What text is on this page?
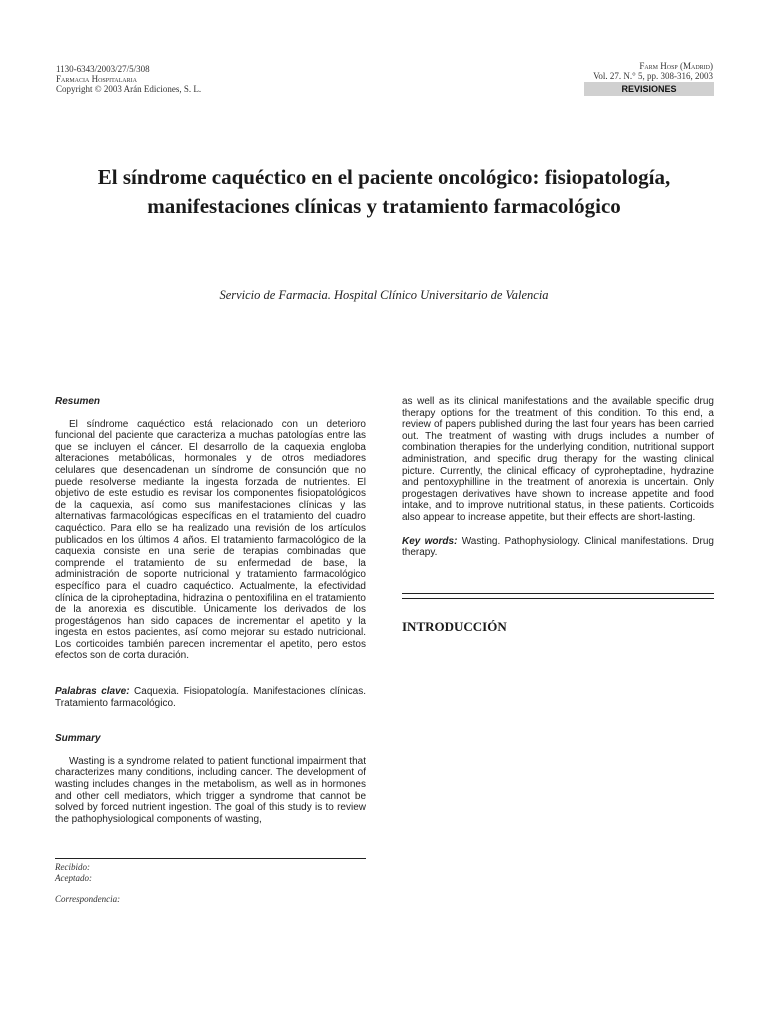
1130-6343/2003/27/5/308
Farmacia Hospitalaria
Copyright © 2003 Arán Ediciones, S. L.
Farm Hosp (Madrid)
Vol. 27. N.° 5, pp. 308-316, 2003
REVISIONES
El síndrome caquéctico en el paciente oncológico: fisiopatología, manifestaciones clínicas y tratamiento farmacológico
Servicio de Farmacia. Hospital Clínico Universitario de Valencia
Resumen

El síndrome caquéctico está relacionado con un deterioro funcional del paciente que caracteriza a muchas patologías entre las que se incluyen el cáncer. El desarrollo de la caquexia engloba alteraciones metabólicas, hormonales y de otros mediadores celulares que desencadenan un síndrome de consunción que no puede resolverse mediante la ingesta forzada de nutrientes. El objetivo de este estudio es revisar los componentes fisiopatológicos de la caquexia, así como sus manifestaciones clínicas y las alternativas farmacológicas específicas en el tratamiento del cuadro caquéctico. Para ello se ha realizado una revisión de los artículos publicados en los últimos 4 años. El tratamiento farmacológico de la caquexia consiste en una serie de terapias combinadas que comprende el tratamiento de su enfermedad de base, la administración de soporte nutricional y tratamiento farmacológico específico para el cuadro caquéctico. Actualmente, la efectividad clínica de la ciproheptadina, hidrazina o pentoxifilina en el tratamiento de la anorexia es discutible. Únicamente los derivados de los progestágenos han sido capaces de incrementar el apetito y la ingesta en estos pacientes, así como mejorar su estado nutricional. Los corticoides también parecen incrementar el apetito, pero estos efectos son de corta duración.

Palabras clave: Caquexia. Fisiopatología. Manifestaciones clínicas. Tratamiento farmacológico.

Summary

Wasting is a syndrome related to patient functional impairment that characterizes many conditions, including cancer. The development of wasting includes changes in the metabolism, as well as in hormones and other cell mediators, which trigger a syndrome that cannot be solved by forced nutrient ingestion. The goal of this study is to review the pathophysiological components of wasting,

as well as its clinical manifestations and the available specific drug therapy options for the treatment of this condition. To this end, a review of papers published during the last four years has been carried out. The treatment of wasting with drugs includes a number of combination therapies for the underlying condition, nutritional support administration, and specific drug therapy for the wasting clinical picture. Currently, the clinical efficacy of cyproheptadine, hydrazine and pentoxyphilline in the treatment of anorexia is uncertain. Only progestagen derivatives have shown to increase appetite and food intake, and to improve nutritional status, in these patients. Corticoids also appear to increase appetite, but their effects are short-lasting.

Key words: Wasting. Pathophysiology. Clinical manifestations. Drug therapy.

INTRODUCCIÓN
Recibido:
Aceptado:
Correspondencia:
